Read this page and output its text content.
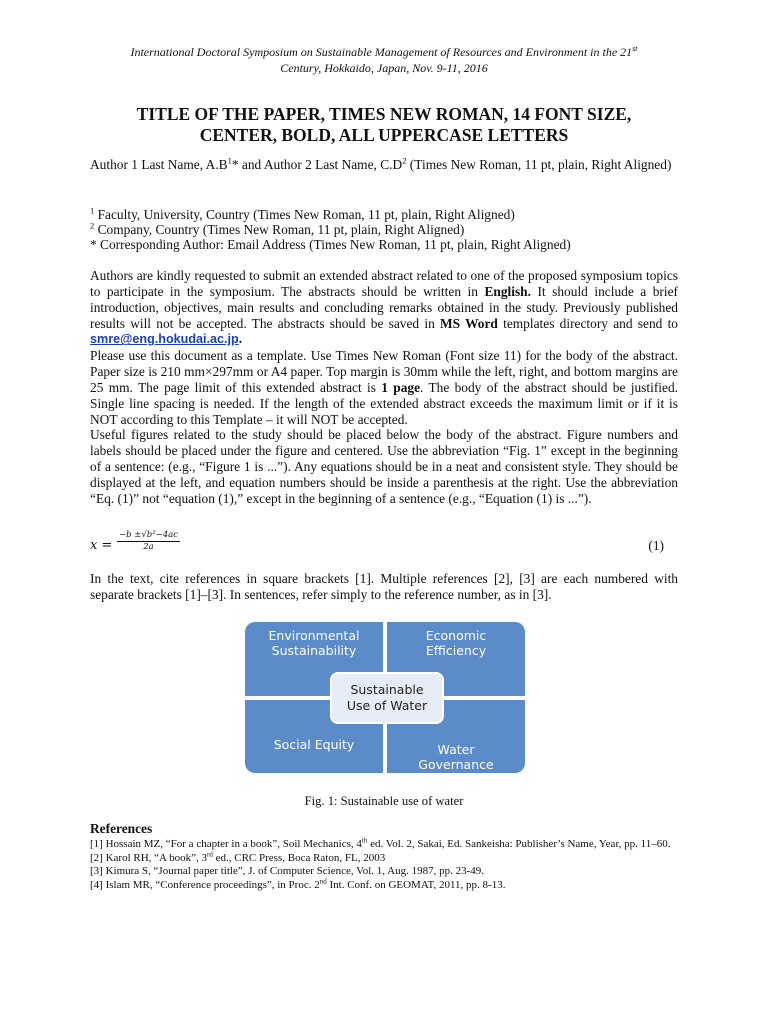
International Doctoral Symposium on Sustainable Management of Resources and Environment in the 21st
Century, Hokkaido, Japan, Nov. 9-11, 2016
TITLE OF THE PAPER, TIMES NEW ROMAN, 14 FONT SIZE,
CENTER, BOLD, ALL UPPERCASE LETTERS
Author 1 Last Name, $A.B^1*$ and Author 2 Last Name, $C.D^2$ (Times New Roman, 11 pt, plain, Right Aligned)
$^1$ Faculty, University, Country (Times New Roman, 11 pt, plain, Right Aligned)
$^2$ Company, Country (Times New Roman, 11 pt, plain, Right Aligned)
* Corresponding Author: Email Address (Times New Roman, 11 pt, plain, Right Aligned)

Authors are kindly requested to submit an extended abstract related to one of the proposed symposium topics to participate in the symposium. The abstracts should be written in English. It should include a brief introduction, objectives, main results and concluding remarks obtained in the study. Previously published results will not be accepted. The abstracts should be saved in MS Word templates directory and send to smre@eng.hokudai.ac.jp.

Please use this document as a template. Use Times New Roman (Font size 11) for the body of the abstract. Paper size is 210 mm×297mm or A4 paper. Top margin is 30mm while the left, right, and bottom margins are 25 mm. The page limit of this extended abstract is 1 page. The body of the abstract should be justified. Single line spacing is needed. If the length of the extended abstract exceeds the maximum limit or if it is NOT according to this Template – it will NOT be accepted.

Useful figures related to the study should be placed below the body of the abstract. Figure numbers and labels should be placed under the figure and centered. Use the abbreviation “Fig. 1” except in the beginning of a sentence: (e.g., “Figure 1 is ...”). Any equations should be in a neat and consistent style. They should be displayed at the left, and equation numbers should be inside a parenthesis at the right. Use the abbreviation “Eq. (1)” not “equation (1),” except in the beginning of a sentence (e.g., “Equation (1) is ...”).

$x = \frac{\text{−b ±√b²−4ac}}{2a}$	(1)
In the text, cite references in square brackets [1]. Multiple references [2], [3] are each numbered with separate brackets [1]–[3]. In sentences, refer simply to the reference number, as in [3].
Environmental
Sustainability
Economic
Efficiency
Social Equity	Water
Governance
Sustainable
Use of Water
Fig. 1: Sustainable use of water
References
[1] Hossain MZ, “For a chapter in a book”, Soil Mechanics, 4th ed. Vol. 2, Sakai, Ed. Sankeisha: Publisher’s Name, Year, pp. 11–60.
[2] Karol RH, “A book”, 3rd ed., CRC Press, Boca Raton, FL, 2003
[3] Kimura S, “Journal paper title”, J. of Computer Science, Vol. 1, Aug. 1987, pp. 23-49.
[4] Islam MR, “Conference proceedings”, in Proc. 2nd Int. Conf. on GEOMAT, 2011, pp. 8-13.
